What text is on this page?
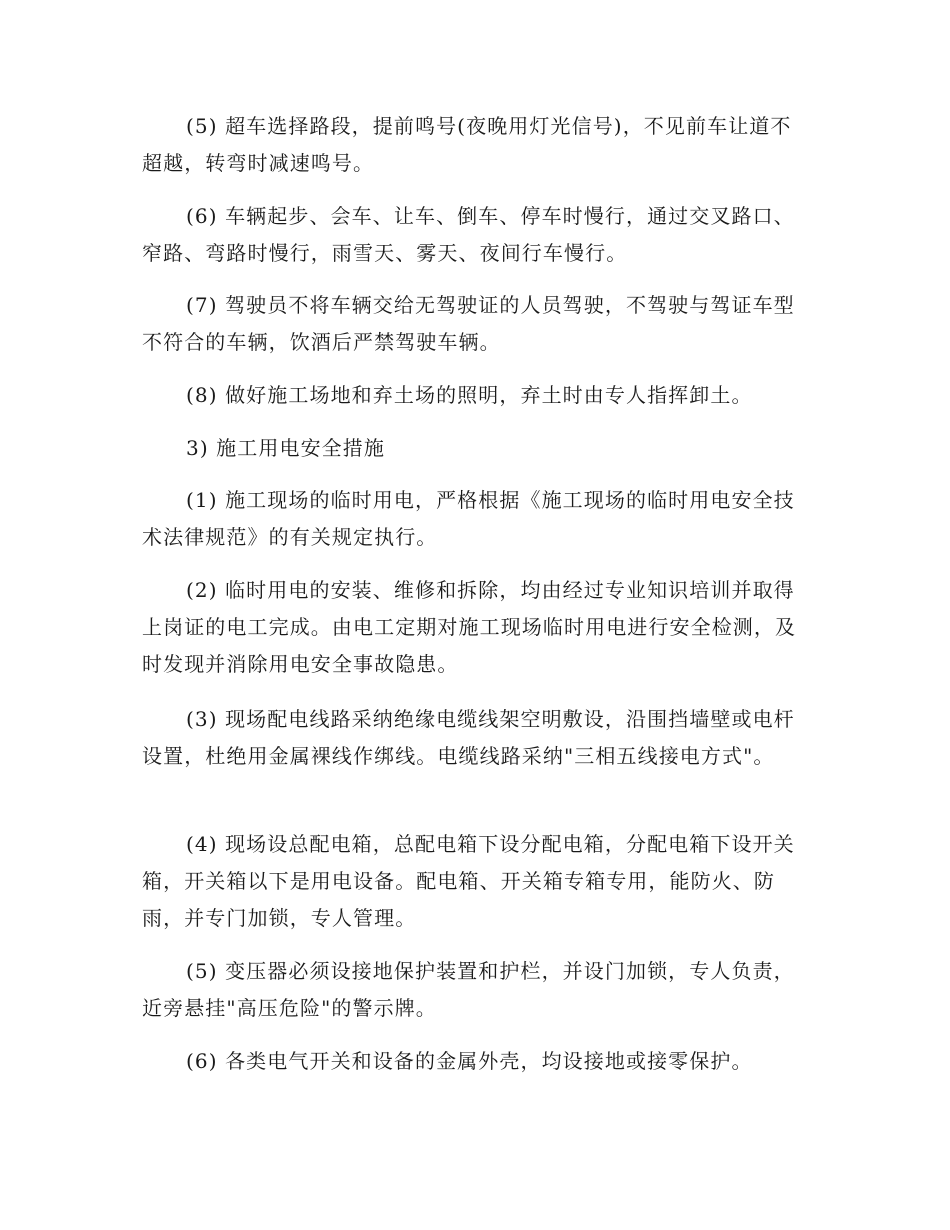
(5) 超车选择路段，提前鸣号(夜晚用灯光信号)，不见前车让道不超越，转弯时减速鸣号。

(6) 车辆起步、会车、让车、倒车、停车时慢行，通过交叉路口、窄路、弯路时慢行，雨雪天、雾天、夜间行车慢行。

(7) 驾驶员不将车辆交给无驾驶证的人员驾驶，不驾驶与驾证车型不符合的车辆，饮酒后严禁驾驶车辆。

(8) 做好施工场地和弃土场的照明，弃土时由专人指挥卸土。

3) 施工用电安全措施

(1) 施工现场的临时用电，严格根据《施工现场的临时用电安全技术法律规范》的有关规定执行。

(2) 临时用电的安装、维修和拆除，均由经过专业知识培训并取得上岗证的电工完成。由电工定期对施工现场临时用电进行安全检测，及时发现并消除用电安全事故隐患。

(3) 现场配电线路采纳绝缘电缆线架空明敷设，沿围挡墙壁或电杆设置，杜绝用金属裸线作绑线。电缆线路采纳"三相五线接电方式"。

(4) 现场设总配电箱，总配电箱下设分配电箱，分配电箱下设开关箱，开关箱以下是用电设备。配电箱、开关箱专箱专用，能防火、防雨，并专门加锁，专人管理。

(5) 变压器必须设接地保护装置和护栏，并设门加锁，专人负责，近旁悬挂"高压危险"的警示牌。

(6) 各类电气开关和设备的金属外壳，均设接地或接零保护。
